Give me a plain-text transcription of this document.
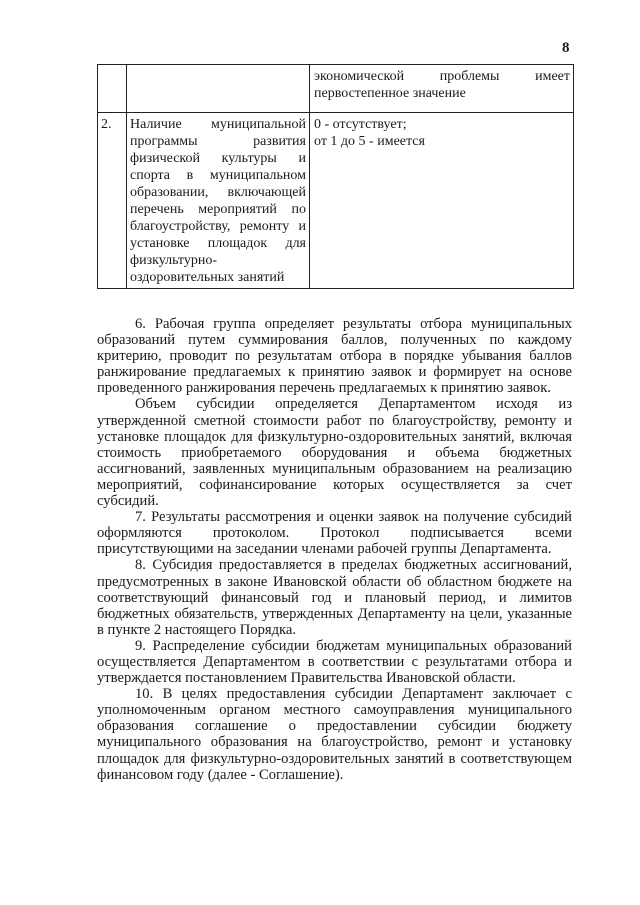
8
		экономической проблемы имеет первостепенное значение
2.	Наличие муниципальной программы развития физической культуры и спорта в муниципальном образовании, включающей перечень мероприятий по благоустройству, ремонту и установке площадок для физкультурно-оздоровительных занятий	0 - отсутствует;
от 1 до 5 - имеется

6. Рабочая группа определяет результаты отбора муниципальных образований путем суммирования баллов, полученных по каждому критерию, проводит по результатам отбора в порядке убывания баллов ранжирование предлагаемых к принятию заявок и формирует на основе проведенного ранжирования перечень предлагаемых к принятию заявок.

Объем субсидии определяется Департаментом исходя из утвержденной сметной стоимости работ по благоустройству, ремонту и установке площадок для физкультурно-оздоровительных занятий, включая стоимость приобретаемого оборудования и объема бюджетных ассигнований, заявленных муниципальным образованием на реализацию мероприятий, софинансирование которых осуществляется за счет субсидий.

7. Результаты рассмотрения и оценки заявок на получение субсидий оформляются протоколом. Протокол подписывается всеми присутствующими на заседании членами рабочей группы Департамента.

8. Субсидия предоставляется в пределах бюджетных ассигнований, предусмотренных в законе Ивановской области об областном бюджете на соответствующий финансовый год и плановый период, и лимитов бюджетных обязательств, утвержденных Департаменту на цели, указанные в пункте 2 настоящего Порядка.

9. Распределение субсидии бюджетам муниципальных образований осуществляется Департаментом в соответствии с результатами отбора и утверждается постановлением Правительства Ивановской области.

10. В целях предоставления субсидии Департамент заключает с уполномоченным органом местного самоуправления муниципального образования соглашение о предоставлении субсидии бюджету муниципального образования на благоустройство, ремонт и установку площадок для физкультурно-оздоровительных занятий в соответствующем финансовом году (далее - Соглашение).
